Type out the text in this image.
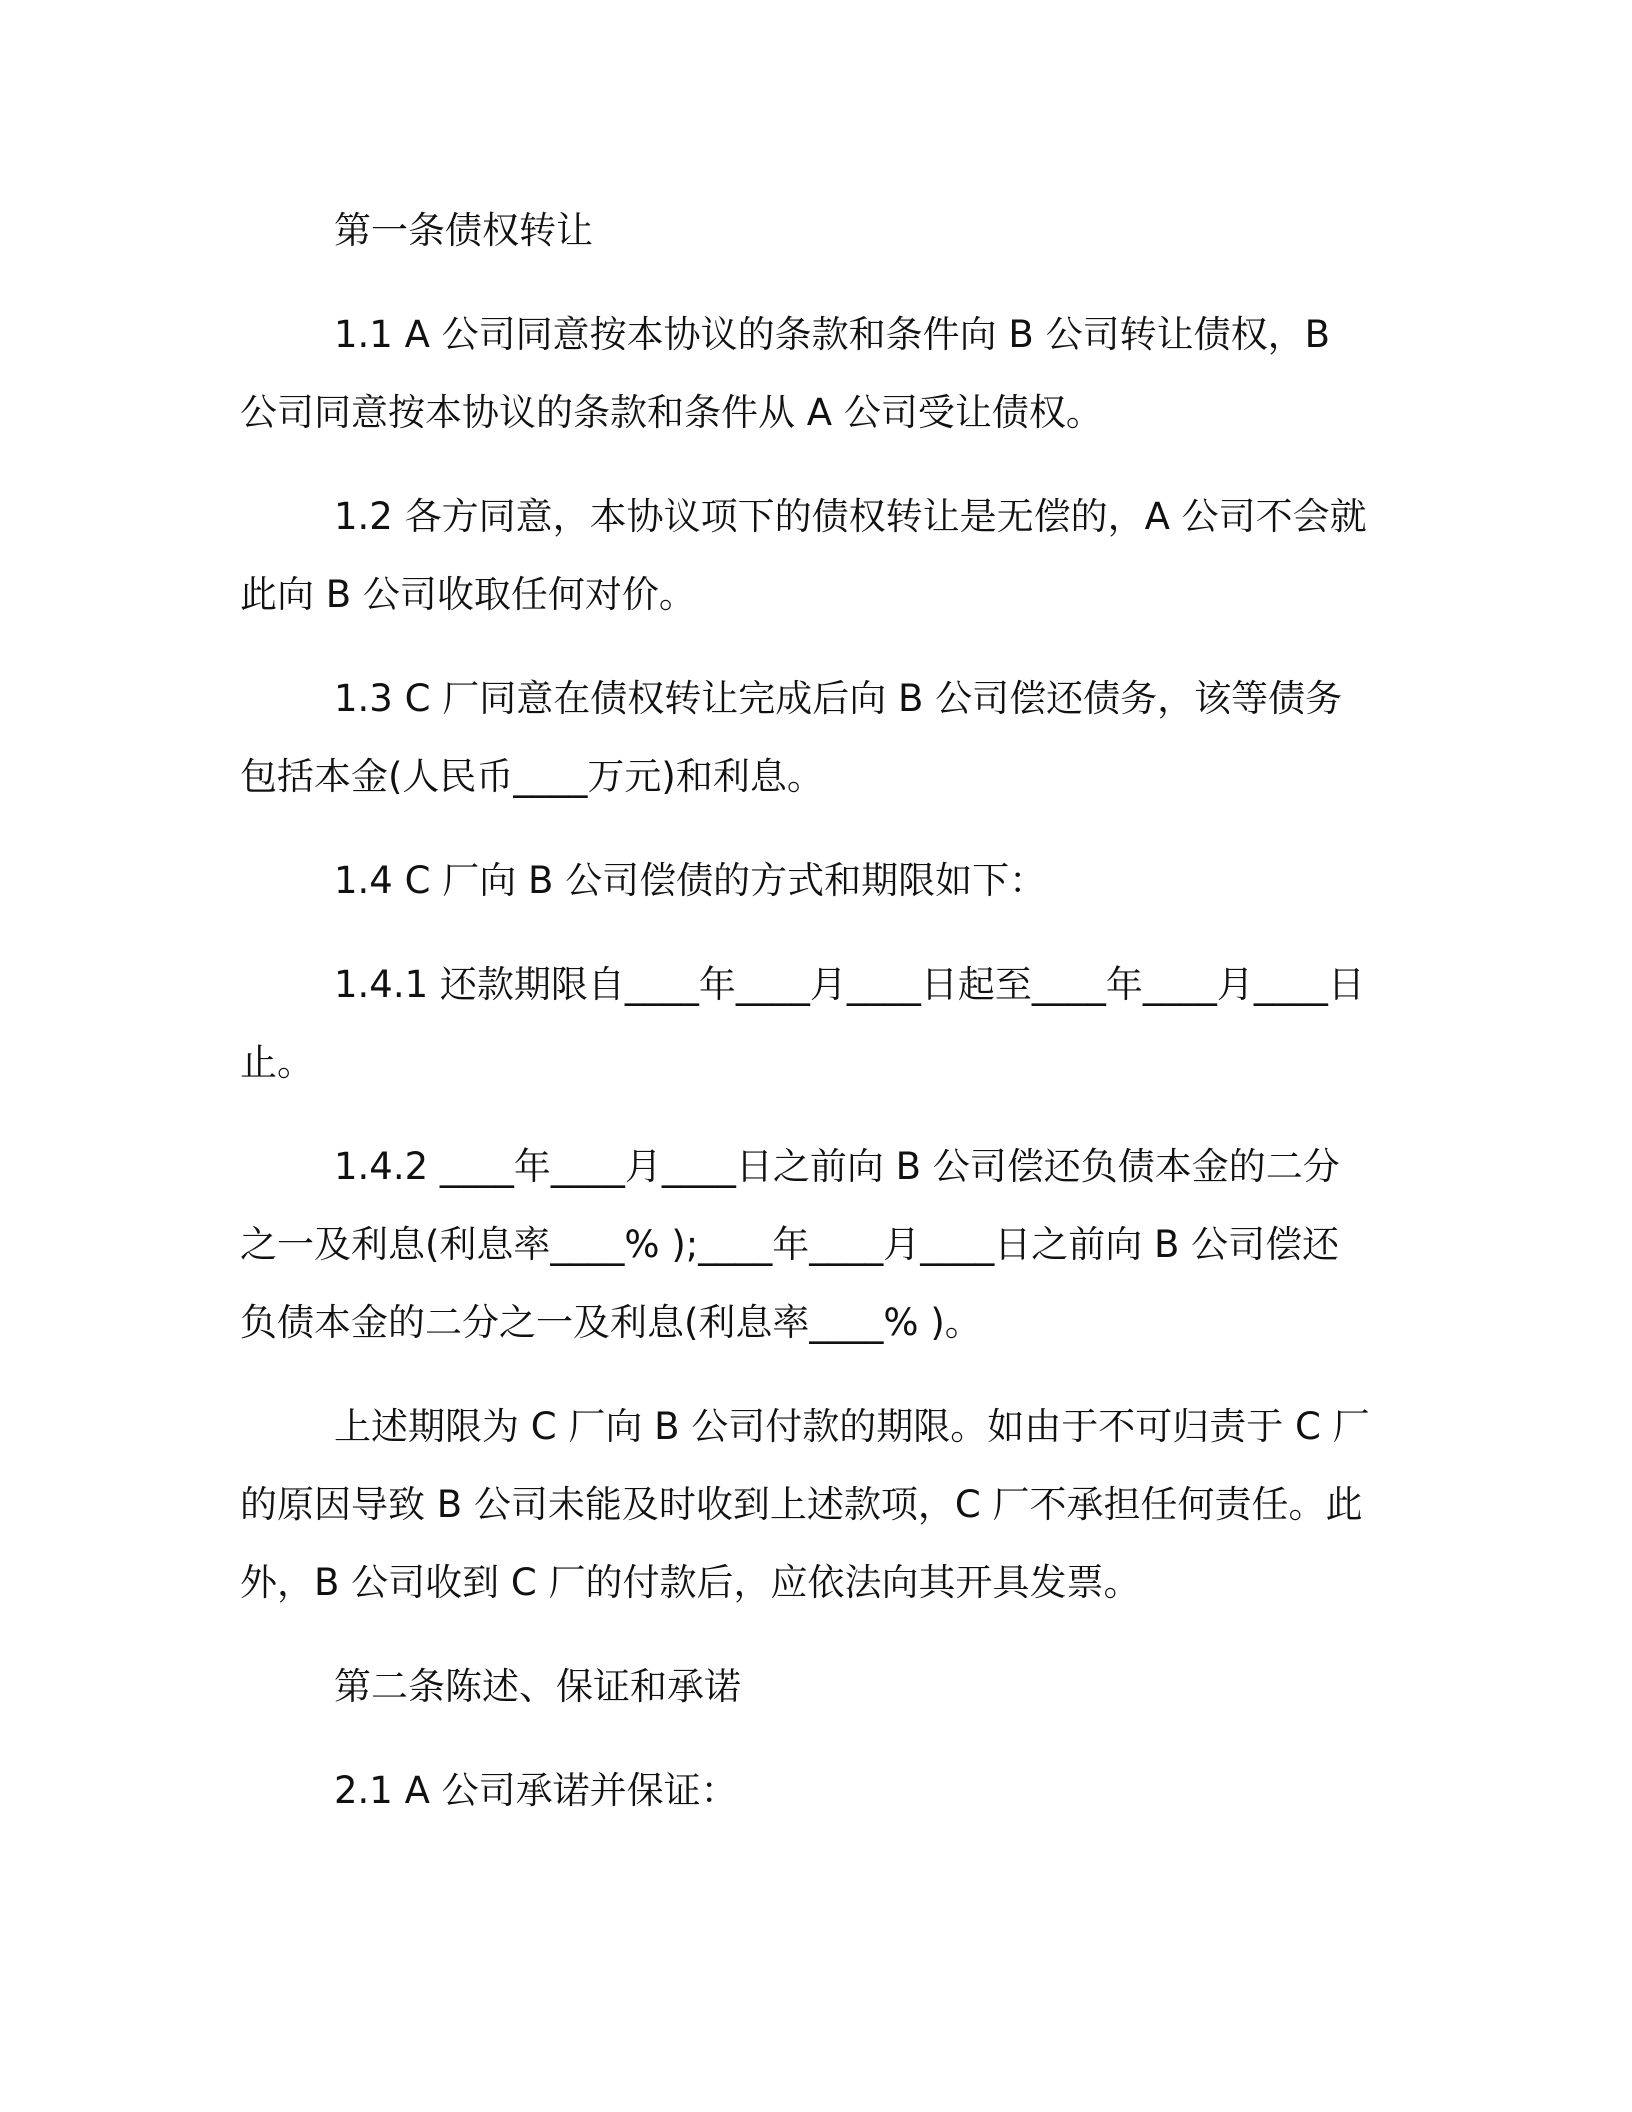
第一条债权转让

1.1 A 公司同意按本协议的条款和条件向 B 公司转让债权，B 公司同意按本协议的条款和条件从 A 公司受让债权。

1.2 各方同意，本协议项下的债权转让是无偿的，A 公司不会就此向 B 公司收取任何对价。

1.3 C 厂同意在债权转让完成后向 B 公司偿还债务，该等债务包括本金(人民币____万元)和利息。

1.4 C 厂向 B 公司偿债的方式和期限如下：

1.4.1 还款期限自____年____月____日起至____年____月____日止。

1.4.2 ____年____月____日之前向 B 公司偿还负债本金的二分之一及利息(利息率____% );____年____月____日之前向 B 公司偿还负债本金的二分之一及利息(利息率____% )。

上述期限为 C 厂向 B 公司付款的期限。如由于不可归责于 C 厂的原因导致 B 公司未能及时收到上述款项，C 厂不承担任何责任。此外，B 公司收到 C 厂的付款后，应依法向其开具发票。

第二条陈述、保证和承诺

2.1 A 公司承诺并保证：
